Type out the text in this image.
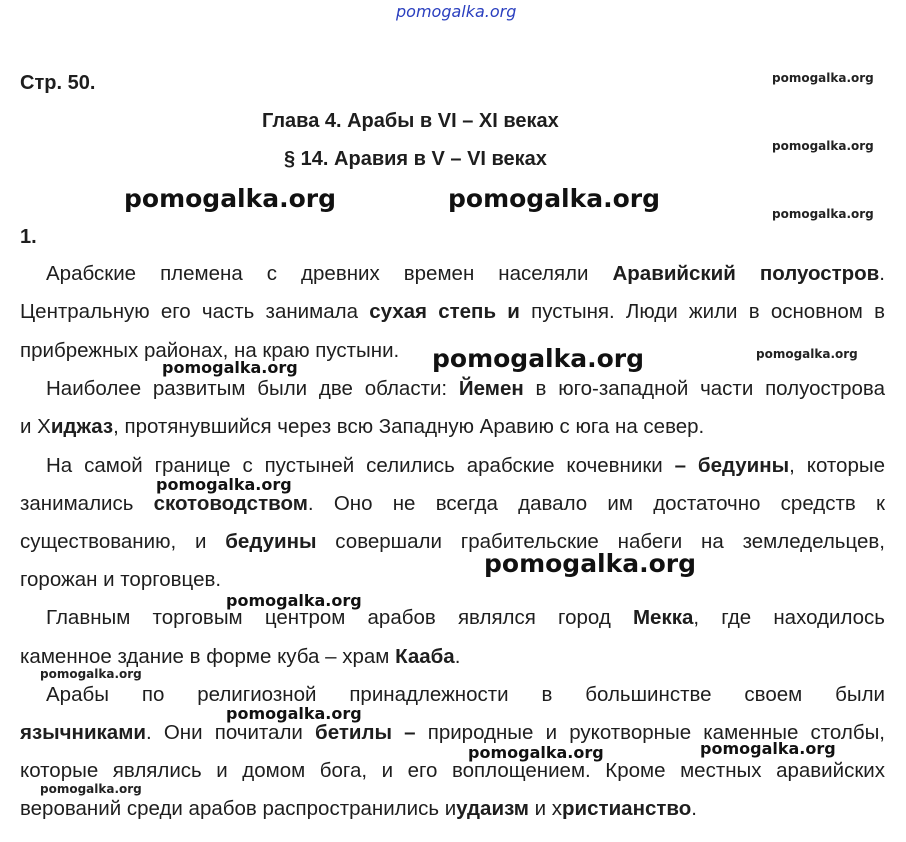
pomogalka.org
Стр. 50.
Глава 4. Арабы в VI – XI веках
§ 14. Аравия в V – VI веках
1.
pomogalka.org
pomogalka.org
pomogalka.org
pomogalka.org
pomogalka.org
pomogalka.org
pomogalka.org
pomogalka.org
pomogalka.org
pomogalka.org	pomogalka.org
pomogalka.org
Арабские племена с древних времен населяли Аравийский полуостров.
Центральную его часть занимала сухая степь и пустыня. Люди жили в основном в
прибрежных районах, на краю пустыни.
Наиболее развитым были две области: Йемен в юго-западной части полуострова
и Хиджаз, протянувшийся через всю Западную Аравию с юга на север.
На самой границе с пустыней селились арабские кочевники – бедуины, которые
занимались скотоводством. Оно не всегда давало им достаточно средств к
существованию, и бедуины совершали грабительские набеги на земледельцев,
горожан и торговцев.
Главным торговым центром арабов являлся город Мекка, где находилось
каменное здание в форме куба – храм Кааба.
Арабы по религиозной принадлежности в большинстве своем были
язычниками. Они почитали бетилы – природные и рукотворные каменные столбы,
которые являлись и домом бога, и его воплощением. Кроме местных аравийских
верований среди арабов распространились иудаизм и христианство.
pomogalka.org	pomogalka.org
pomogalka.org
pomogalka.org
